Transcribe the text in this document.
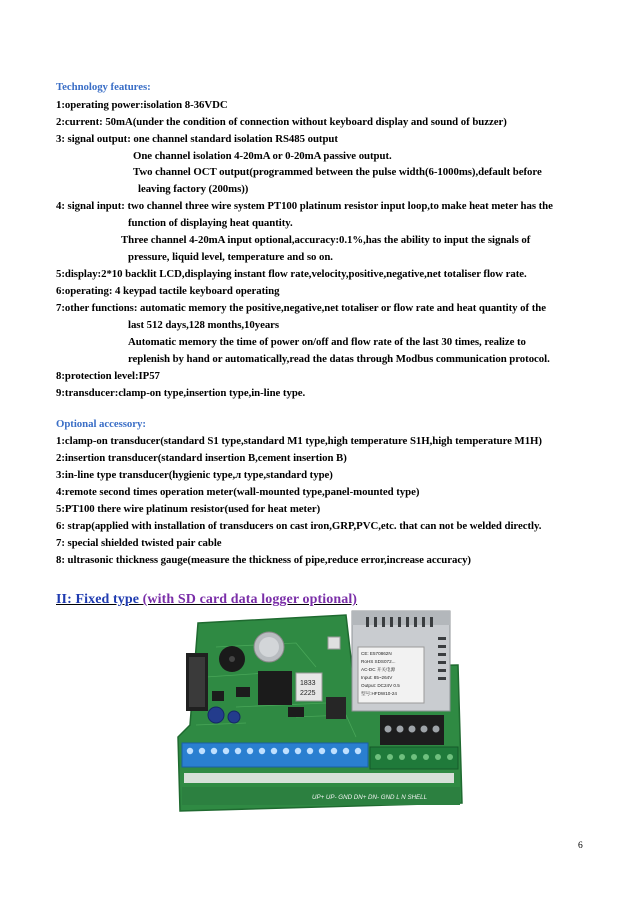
Technology features:
1:operating power:isolation 8-36VDC
2:current: 50mA(under the condition of connection without keyboard display and sound of buzzer)
3: signal output: one channel standard isolation RS485 output
One channel isolation 4-20mA or 0-20mA passive output.
Two channel OCT output(programmed between the pulse width(6-1000ms),default before
leaving factory (200ms))
4: signal input: two channel three wire system PT100 platinum resistor input loop,to make heat meter has the
function of displaying heat quantity.
Three channel 4-20mA input optional,accuracy:0.1%,has the ability to input the signals of
pressure, liquid level, temperature and so on.
5:display:2*10 backlit LCD,displaying instant flow rate,velocity,positive,negative,net totaliser flow rate.
6:operating: 4 keypad tactile keyboard operating
7:other functions: automatic memory the positive,negative,net totaliser or flow rate and heat quantity of the
last 512 days,128 months,10years
Automatic memory the time of power on/off and flow rate of the last 30 times, realize to
replenish by hand or automatically,read the datas through Modbus communication protocol.
8:protection level:IP57
9:transducer:clamp-on type,insertion type,in-line type.
Optional accessory:
1:clamp-on transducer(standard S1 type,standard M1 type,high temperature S1H,high temperature M1H)
2:insertion transducer(standard insertion B,cement insertion B)
3:in-line type transducer(hygienic type,л type,standard type)
4:remote second times operation meter(wall-mounted type,panel-mounted type)
5:PT100 there wire platinum resistor(used for heat meter)
6: strap(applied with installation of transducers on cast iron,GRP,PVC,etc. that can not be welded directly.
7: special shielded twisted pair cable
8: ultrasonic thickness gauge(measure the thickness of pipe,reduce error,increase accuracy)
II: Fixed type (with SD card data logger optional)
1833
2225
CE: E570862N
RoHS SDS072...
AC-DC 开关电源
Input: 85~264V
Output: DC24V 0.5
型号:HFDW10-24
UP+ UP- GND DN+ DN- GND L N SHELL
6
